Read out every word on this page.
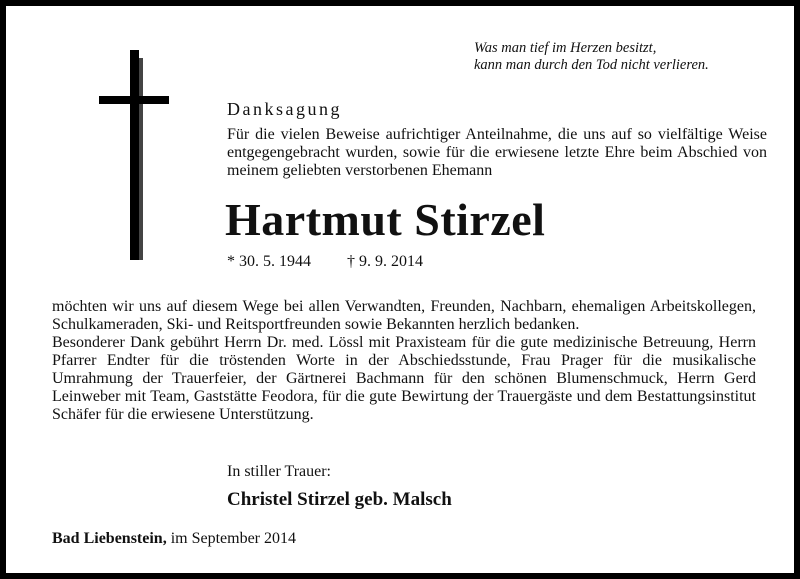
Was man tief im Herzen besitzt,
kann man durch den Tod nicht verlieren.
Danksagung
Für die vielen Beweise aufrichtiger Anteilnahme, die uns auf so vielfältige Weise entgegengebracht wurden, sowie für die erwiesene letzte Ehre beim Abschied von meinem geliebten verstorbenen Ehemann
Hartmut Stirzel
* 30. 5. 1944 † 9. 9. 2014

möchten wir uns auf diesem Wege bei allen Verwandten, Freunden, Nachbarn, ehemaligen Arbeitskollegen, Schulkameraden, Ski- und Reitsportfreunden sowie Bekannten herzlich bedanken.

Besonderer Dank gebührt Herrn Dr. med. Lössl mit Praxisteam für die gute medizinische Betreuung, Herrn Pfarrer Endter für die tröstenden Worte in der Abschiedsstunde, Frau Prager für die musikalische Umrahmung der Trauerfeier, der Gärtnerei Bachmann für den schönen Blumenschmuck, Herrn Gerd Leinweber mit Team, Gaststätte Feodora, für die gute Bewirtung der Trauergäste und dem Bestattungsinstitut Schäfer für die erwiesene Unterstützung.

In stiller Trauer:
Christel Stirzel geb. Malsch
Bad Liebenstein, im September 2014
